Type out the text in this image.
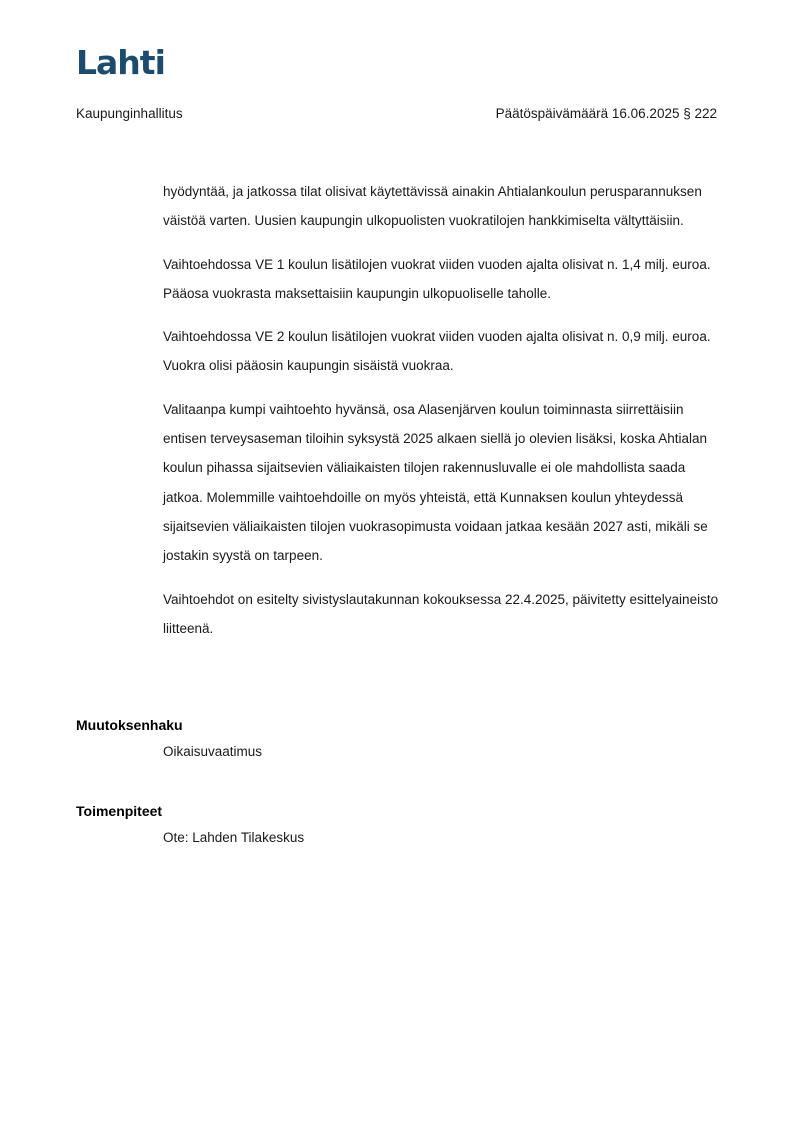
Lahti
Kaupunginhallitus	Päätöspäivämäärä 16.06.2025 § 222

hyödyntää, ja jatkossa tilat olisivat käytettävissä ainakin Ahtialankoulun perusparannuksen väistöä varten. Uusien kaupungin ulkopuolisten vuokratilojen hankkimiselta vältyttäisiin.

Vaihtoehdossa VE 1 koulun lisätilojen vuokrat viiden vuoden ajalta olisivat n. 1,4 milj. euroa. Pääosa vuokrasta maksettaisiin kaupungin ulkopuoliselle taholle.

Vaihtoehdossa VE 2 koulun lisätilojen vuokrat viiden vuoden ajalta olisivat n. 0,9 milj. euroa. Vuokra olisi pääosin kaupungin sisäistä vuokraa.

Valitaanpa kumpi vaihtoehto hyvänsä, osa Alasenjärven koulun toiminnasta siirrettäisiin entisen terveysaseman tiloihin syksystä 2025 alkaen siellä jo olevien lisäksi, koska Ahtialan koulun pihassa sijaitsevien väliaikaisten tilojen rakennusluvalle ei ole mahdollista saada jatkoa. Molemmille vaihtoehdoille on myös yhteistä, että Kunnaksen koulun yhteydessä sijaitsevien väliaikaisten tilojen vuokrasopimusta voidaan jatkaa kesään 2027 asti, mikäli se jostakin syystä on tarpeen.

Vaihtoehdot on esitelty sivistyslautakunnan kokouksessa 22.4.2025, päivitetty esittelyaineisto liitteenä.

Muutoksenhaku
Oikaisuvaatimus
Toimenpiteet
Ote: Lahden Tilakeskus
